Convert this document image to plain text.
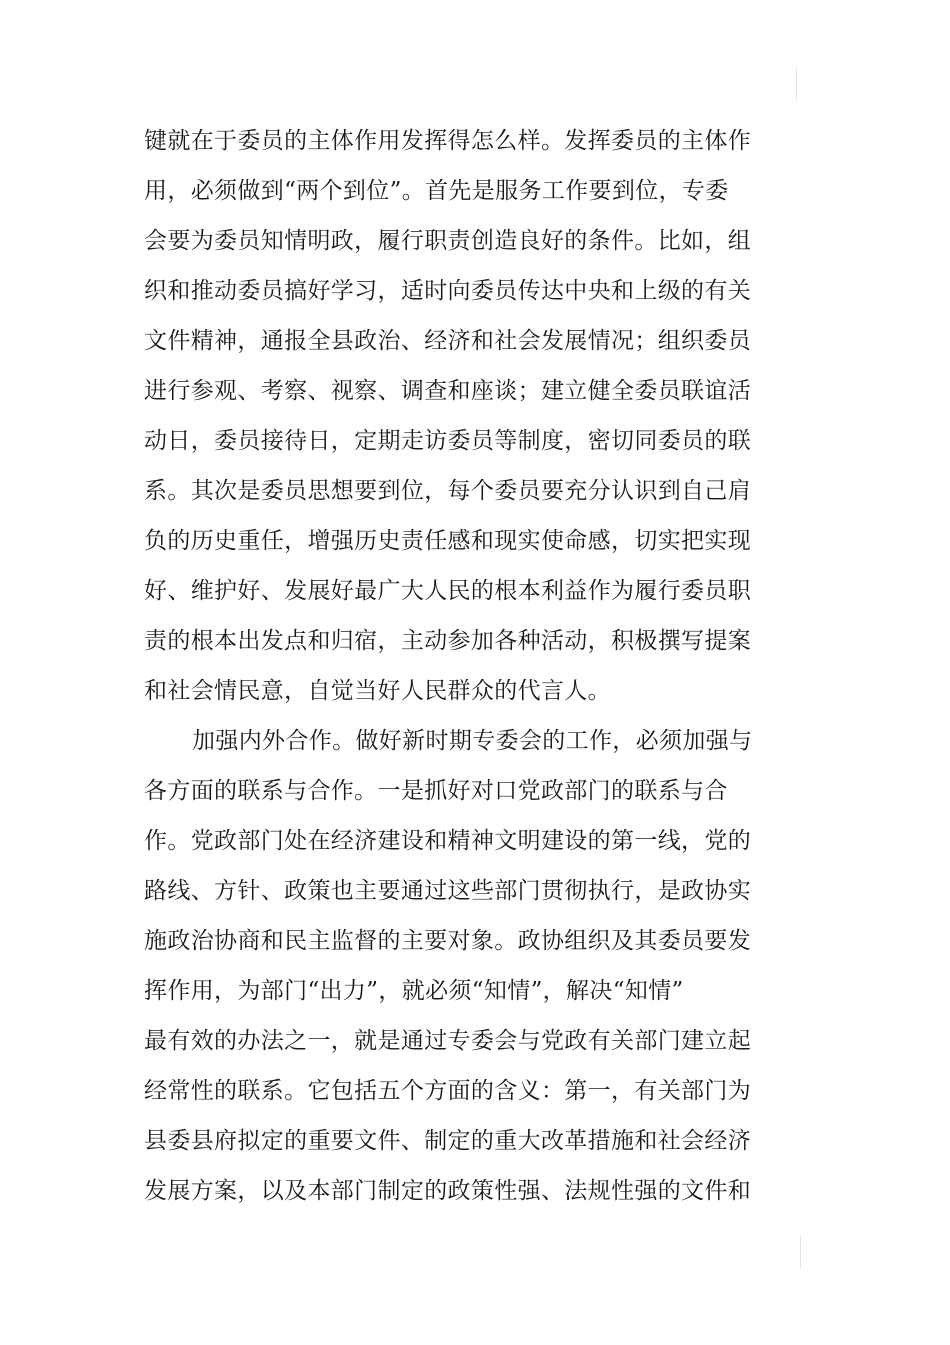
键就在于委员的主体作用发挥得怎么样。发挥委员的主体作
用，必须做到“两个到位”。首先是服务工作要到位，专委
会要为委员知情明政，履行职责创造良好的条件。比如，组
织和推动委员搞好学习，适时向委员传达中央和上级的有关
文件精神，通报全县政治、经济和社会发展情况；组织委员
进行参观、考察、视察、调查和座谈；建立健全委员联谊活
动日，委员接待日，定期走访委员等制度，密切同委员的联
系。其次是委员思想要到位，每个委员要充分认识到自己肩
负的历史重任，增强历史责任感和现实使命感，切实把实现
好、维护好、发展好最广大人民的根本利益作为履行委员职
责的根本出发点和归宿，主动参加各种活动，积极撰写提案
和社会情民意，自觉当好人民群众的代言人。
加强内外合作。做好新时期专委会的工作，必须加强与
各方面的联系与合作。一是抓好对口党政部门的联系与合
作。党政部门处在经济建设和精神文明建设的第一线，党的
路线、方针、政策也主要通过这些部门贯彻执行，是政协实
施政治协商和民主监督的主要对象。政协组织及其委员要发
挥作用，为部门“出力”，就必须“知情”，解决“知情”
最有效的办法之一，就是通过专委会与党政有关部门建立起
经常性的联系。它包括五个方面的含义：第一，有关部门为
县委县府拟定的重要文件、制定的重大改革措施和社会经济
发展方案，以及本部门制定的政策性强、法规性强的文件和
